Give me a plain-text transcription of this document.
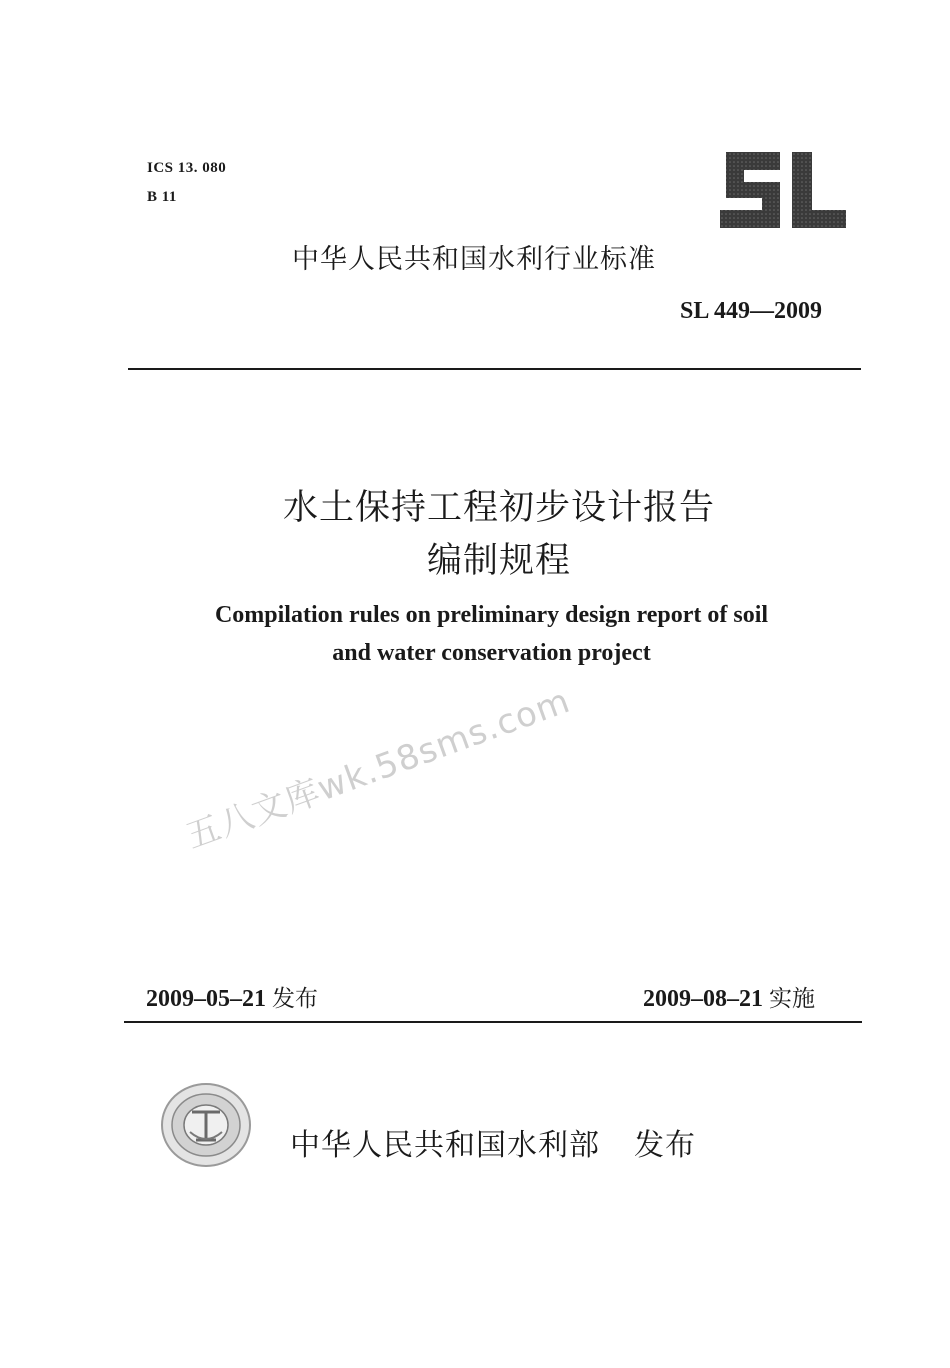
ICS 13. 080
B 11	SL
中华人民共和国水利行业标准
SL 449—2009
水土保持工程初步设计报告
编制规程
Compilation rules on preliminary design report of soil
and water conservation project
五八文库wk.58sms.com
2009–05–21 发布	2009–08–21 实施
中华人民共和国水利部 发布
